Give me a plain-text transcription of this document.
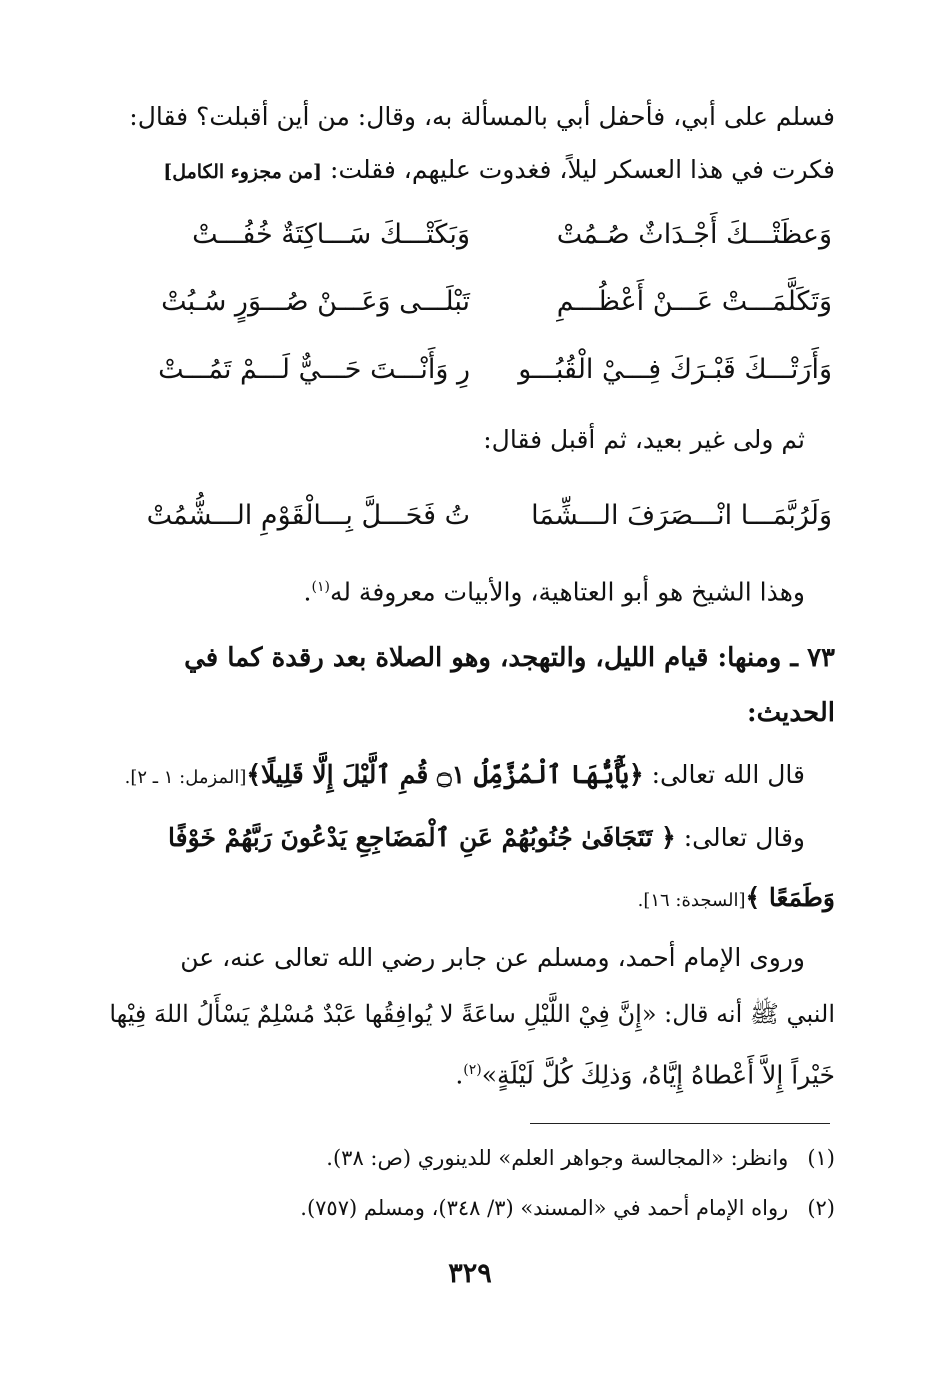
فسلم على أبي، فأحفل أبي بالمسألة به، وقال: من أين أقبلت؟ فقال:
فكرت في هذا العسكر ليلاً، فغدوت عليهم، فقلت: [من مجزوء الكامل]
وَعظَتْـــكَ أَجْـدَاثٌ صُـمُتْ
وَبَكَتْـــكَ سَـــاكِتَةٌ خُفُـــتْ
وَتَكَلَّمَـــتْ عَـــنْ أَعْظُـــمِ
تَبْلَـــى وَعَـــنْ صُـــوَرٍ سُـبُتْ
وَأَرَتْـــكَ قَبْـرَكَ فِـــيْ الْقُبُـــو
رِ وَأَنْـــتَ حَـــيٌّ لَـــمْ تَمُـــتْ
ثم ولى غير بعيد، ثم أقبل فقال:
وَلَرُبَّمَـــا انْـــصَرَفَ الـــشِّمَا
تُ فَحَـــلَّ بِـــالْقَوْمِ الـــشُّمُتْ
وهذا الشيخ هو أبو العتاهية، والأبيات معروفة له$^{(١)}$.
٧٣ ـ ومنها: قيام الليل، والتهجد، وهو الصلاة بعد رقدة كما في
الحديث:
قال الله تعالى: ﴿يَٰٓأَيُّهَا ٱلْمُزَّمِّلُ ۝١ قُمِ ٱلَّيْلَ إِلَّا قَلِيلًا﴾[المزمل: ١ ـ ٢].
وقال تعالى: ﴿ تَتَجَافَىٰ جُنُوبُهُمْ عَنِ ٱلْمَضَاجِعِ يَدْعُونَ رَبَّهُمْ خَوْفًا
وَطَمَعًا ﴾[السجدة: ١٦].
وروى الإمام أحمد، ومسلم عن جابر رضي الله تعالى عنه، عن
النبي ﷺ أنه قال: «إِنَّ فِيْ اللَّيْلِ ساعَةً لا يُوافِقُها عَبْدٌ مُسْلِمٌ يَسْأَلُ اللهَ فِيْها
خَيْراً إِلاَّ أَعْطاهُ إِيَّاهُ، وَذلِكَ كُلَّ لَيْلَةٍ»$^{(٢)}$.
(١) وانظر: «المجالسة وجواهر العلم» للدينوري (ص: ٣٨).
(٢) رواه الإمام أحمد في «المسند» (٣/ ٣٤٨)، ومسلم (٧٥٧).
٣٢٩
